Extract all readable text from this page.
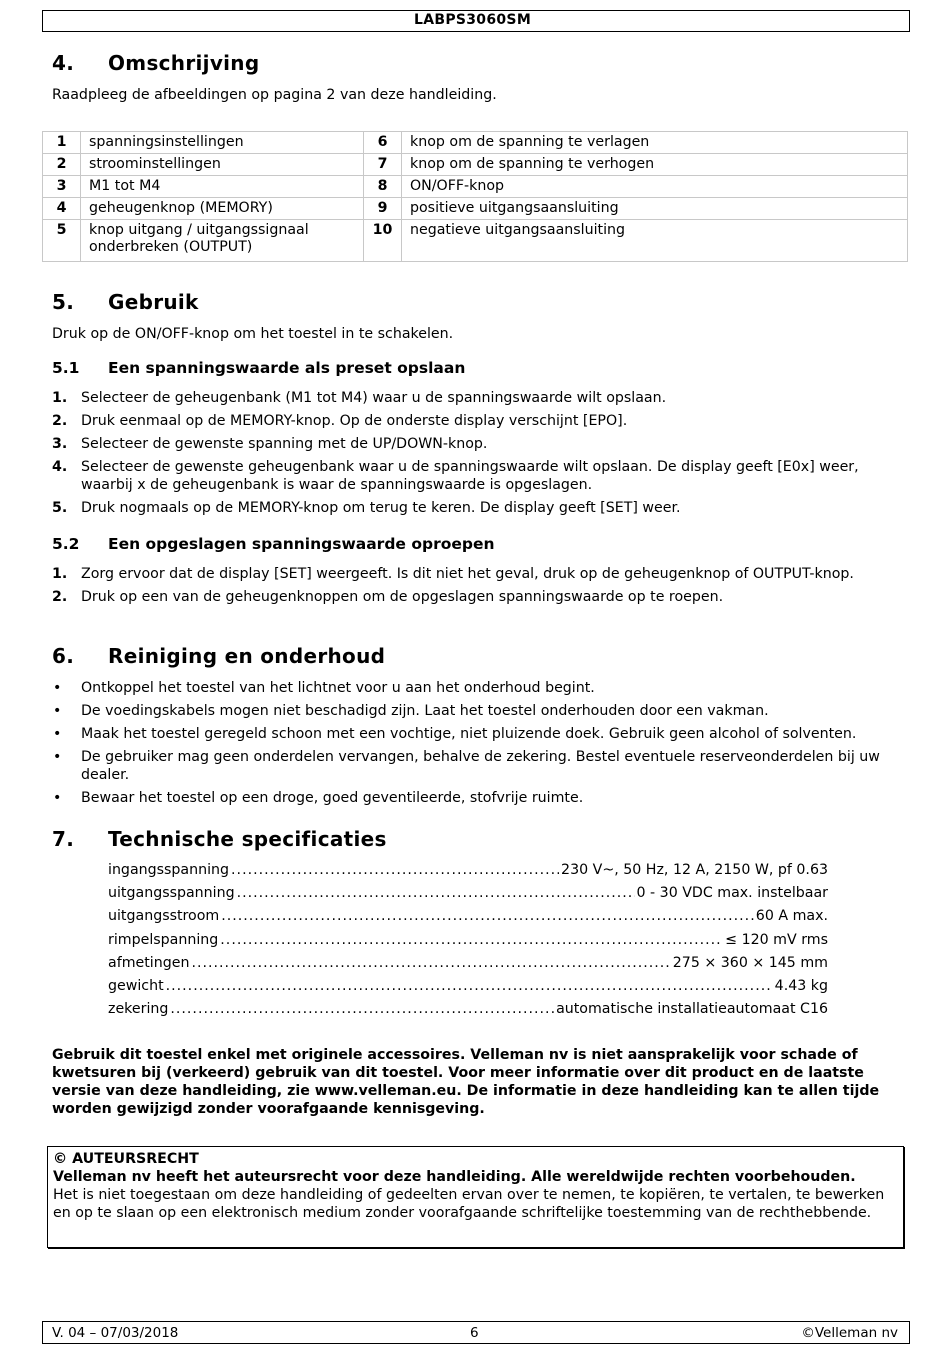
LABPS3060SM
4. Omschrijving
Raadpleeg de afbeeldingen op pagina 2 van deze handleiding.
1	spanningsinstellingen	6	knop om de spanning te verlagen
2	stroominstellingen	7	knop om de spanning te verhogen
3	M1 tot M4	8	ON/OFF-knop
4	geheugenknop (MEMORY)	9	positieve uitgangsaansluiting
5	knop uitgang / uitgangssignaal onderbreken (OUTPUT)	10	negatieve uitgangsaansluiting
5. Gebruik
Druk op de ON/OFF-knop om het toestel in te schakelen.
5.1 Een spanningswaarde als preset opslaan
1. Selecteer de geheugenbank (M1 tot M4) waar u de spanningswaarde wilt opslaan.
2. Druk eenmaal op de MEMORY-knop. Op de onderste display verschijnt [EPO].
3. Selecteer de gewenste spanning met de UP/DOWN-knop.
4. Selecteer de gewenste geheugenbank waar u de spanningswaarde wilt opslaan. De display geeft [E0x] weer, waarbij x de geheugenbank is waar de spanningswaarde is opgeslagen.
5. Druk nogmaals op de MEMORY-knop om terug te keren. De display geeft [SET] weer.
5.2 Een opgeslagen spanningswaarde oproepen
1. Zorg ervoor dat de display [SET] weergeeft. Is dit niet het geval, druk op de geheugenknop of OUTPUT-knop.
2. Druk op een van de geheugenknoppen om de opgeslagen spanningswaarde op te roepen.
6. Reiniging en onderhoud
• Ontkoppel het toestel van het lichtnet voor u aan het onderhoud begint.
• De voedingskabels mogen niet beschadigd zijn. Laat het toestel onderhouden door een vakman.
• Maak het toestel geregeld schoon met een vochtige, niet pluizende doek. Gebruik geen alcohol of solventen.
• De gebruiker mag geen onderdelen vervangen, behalve de zekering. Bestel eventuele reserveonderdelen bij uw dealer.
• Bewaar het toestel op een droge, goed geventileerde, stofvrije ruimte.
7. Technische specificaties
ingangsspanning .....	230 V~, 50 Hz, 12 A, 2150 W, pf 0.63
uitgangsspanning .....	0 - 30 VDC max. instelbaar
uitgangsstroom .....	60 A max.
rimpelspanning .....	≤ 120 mV rms
afmetingen .....	275 × 360 × 145 mm
gewicht .....	4.43 kg
zekering .....	automatische installatieautomaat C16
Gebruik dit toestel enkel met originele accessoires. Velleman nv is niet aansprakelijk voor schade of kwetsuren bij (verkeerd) gebruik van dit toestel. Voor meer informatie over dit product en de laatste versie van deze handleiding, zie www.velleman.eu. De informatie in deze handleiding kan te allen tijde worden gewijzigd zonder voorafgaande kennisgeving.
© AUTEURSRECHT
Velleman nv heeft het auteursrecht voor deze handleiding. Alle wereldwijde rechten voorbehouden.
Het is niet toegestaan om deze handleiding of gedeelten ervan over te nemen, te kopiëren, te vertalen, te bewerken en op te slaan op een elektronisch medium zonder voorafgaande schriftelijke toestemming van de rechthebbende.
V. 04 – 07/03/2018	6	©Velleman nv
